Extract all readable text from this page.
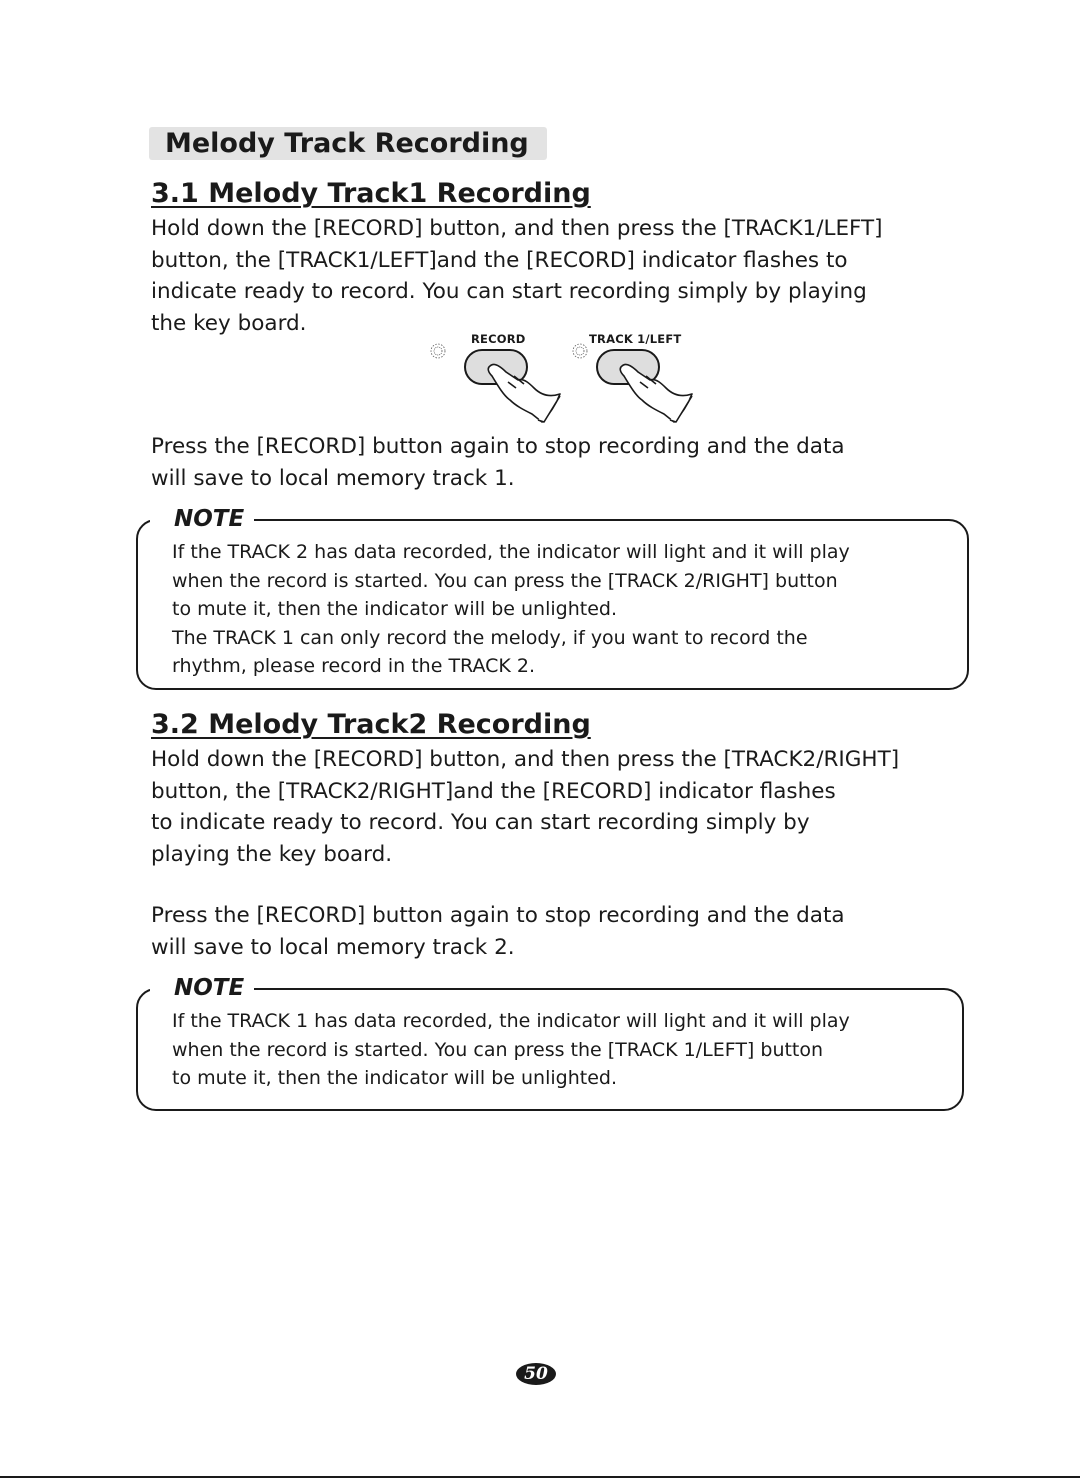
Melody Track Recording
3.1 Melody Track1 Recording

Hold down the [RECORD] button, and then press the [TRACK1/LEFT]
button, the [TRACK1/LEFT]and the [RECORD] indicator flashes to
indicate ready to record. You can start recording simply by playing
the key board.

RECORD	TRACK 1/LEFT

Press the [RECORD] button again to stop recording and the data
will save to local memory track 1.

NOTE

If the TRACK 2 has data recorded, the indicator will light and it will play
when the record is started. You can press the [TRACK 2/RIGHT] button
to mute it, then the indicator will be unlighted.
The TRACK 1 can only record the melody, if you want to record the
rhythm, please record in the TRACK 2.

3.2 Melody Track2 Recording

Hold down the [RECORD] button, and then press the [TRACK2/RIGHT]
button, the [TRACK2/RIGHT]and the [RECORD] indicator flashes
to indicate ready to record. You can start recording simply by
playing the key board.

Press the [RECORD] button again to stop recording and the data
will save to local memory track 2.

NOTE

If the TRACK 1 has data recorded, the indicator will light and it will play
when the record is started. You can press the [TRACK 1/LEFT] button
to mute it, then the indicator will be unlighted.

50
